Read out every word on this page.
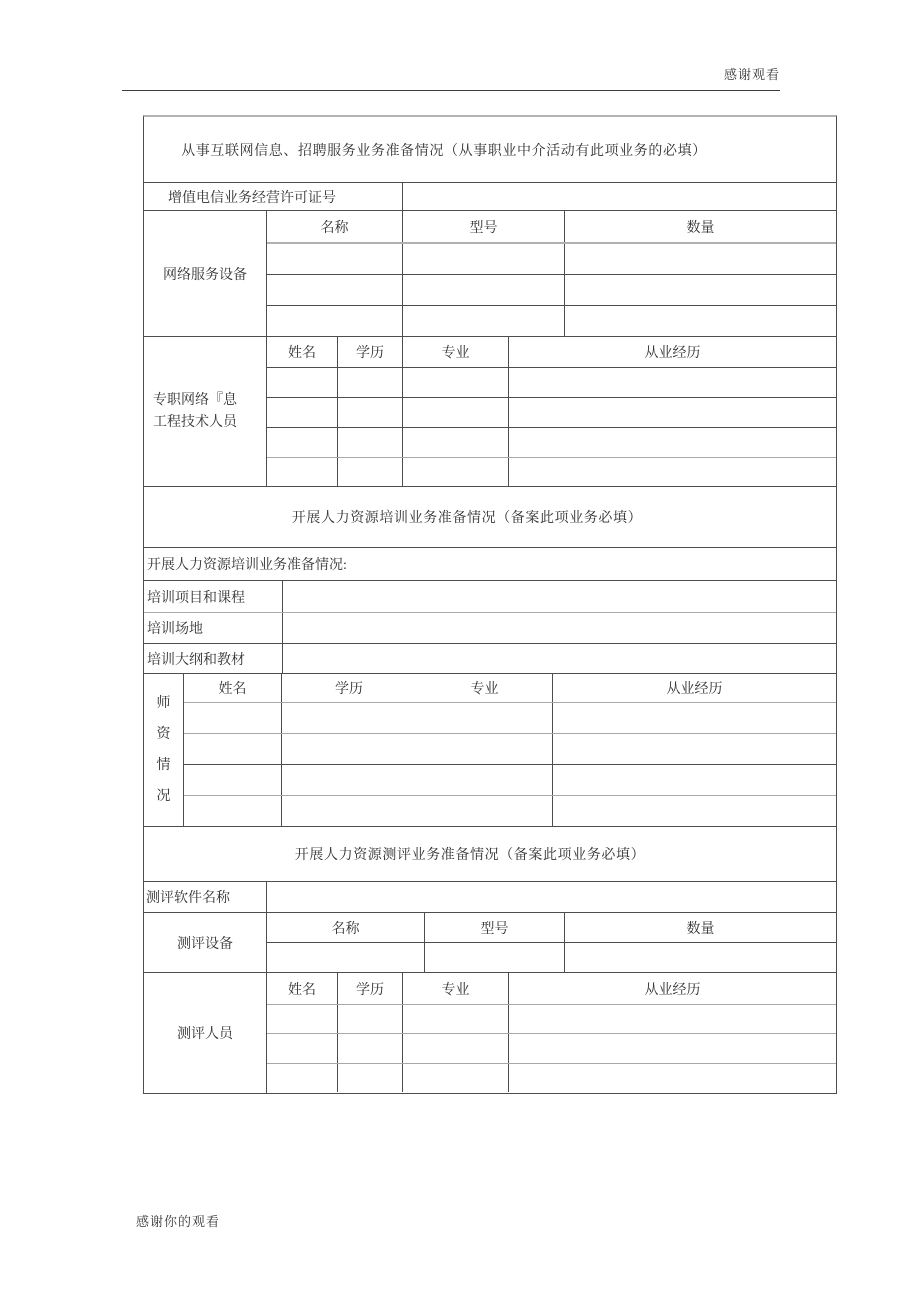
感谢观看
从事互联网信息、招聘服务业务准备情况（从事职业中介活动有此项业务的必填）
增值电信业务经营许可证号
网络服务设备
名称	型号	数量
专职网络『息
工程技术人员
姓名	学历	专业	从业经历
开展人力资源培训业务准备情况（备案此项业务必填）
开展人力资源培训业务准备情况:
培训项目和课程
培训场地
培训大纲和教材
师
资
情
况
姓名	学历	专业	从业经历
开展人力资源测评业务准备情况（备案此项业务必填）
测评软件名称
测评设备
名称	型号	数量
测评人员
姓名	学历	专业	从业经历
感谢你的观看
